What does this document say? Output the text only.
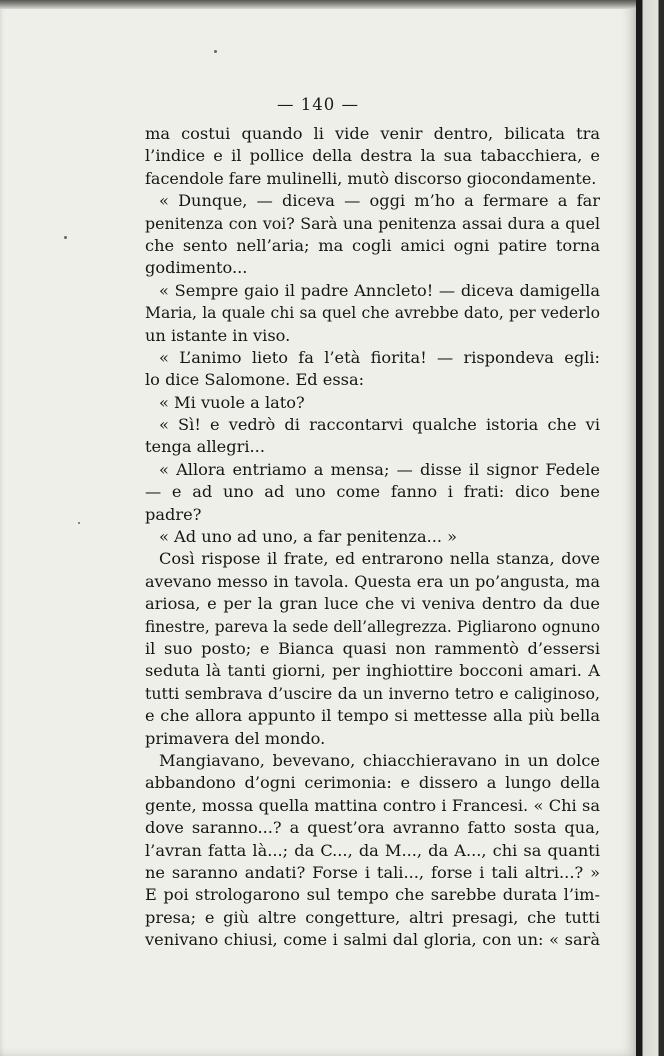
— 140 —
ma costui quando li vide venir dentro, bilicata tra
l’indice e il pollice della destra la sua tabacchiera, e
facendole fare mulinelli, mutò discorso giocondamente.
« Dunque, — diceva — oggi m’ho a fermare a far
penitenza con voi? Sarà una penitenza assai dura a quel
che sento nell’aria; ma cogli amici ogni patire torna
godimento...
« Sempre gaio il padre Anncleto! — diceva damigella
Maria, la quale chi sa quel che avrebbe dato, per vederlo
un istante in viso.
« L’animo lieto fa l’età fiorita! — rispondeva egli:
lo dice Salomone. Ed essa:
« Mi vuole a lato?
« Sì! e vedrò di raccontarvi qualche istoria che vi
tenga allegri...
« Allora entriamo a mensa; — disse il signor Fedele
— e ad uno ad uno come fanno i frati: dico bene
padre?
« Ad uno ad uno, a far penitenza... »
Così rispose il frate, ed entrarono nella stanza, dove
avevano messo in tavola. Questa era un po’angusta, ma
ariosa, e per la gran luce che vi veniva dentro da due
finestre, pareva la sede dell’allegrezza. Pigliarono ognuno
il suo posto; e Bianca quasi non rammentò d’essersi
seduta là tanti giorni, per inghiottire bocconi amari. A
tutti sembrava d’uscire da un inverno tetro e caliginoso,
e che allora appunto il tempo si mettesse alla più bella
primavera del mondo.
Mangiavano, bevevano, chiacchieravano in un dolce
abbandono d’ogni cerimonia: e dissero a lungo della
gente, mossa quella mattina contro i Francesi. « Chi sa
dove saranno...? a quest’ora avranno fatto sosta qua,
l’avran fatta là...; da C..., da M..., da A..., chi sa quanti
ne saranno andati? Forse i tali..., forse i tali altri...? »
E poi strologarono sul tempo che sarebbe durata l’im-
presa; e giù altre congetture, altri presagi, che tutti
venivano chiusi, come i salmi dal gloria, con un: « sarà
